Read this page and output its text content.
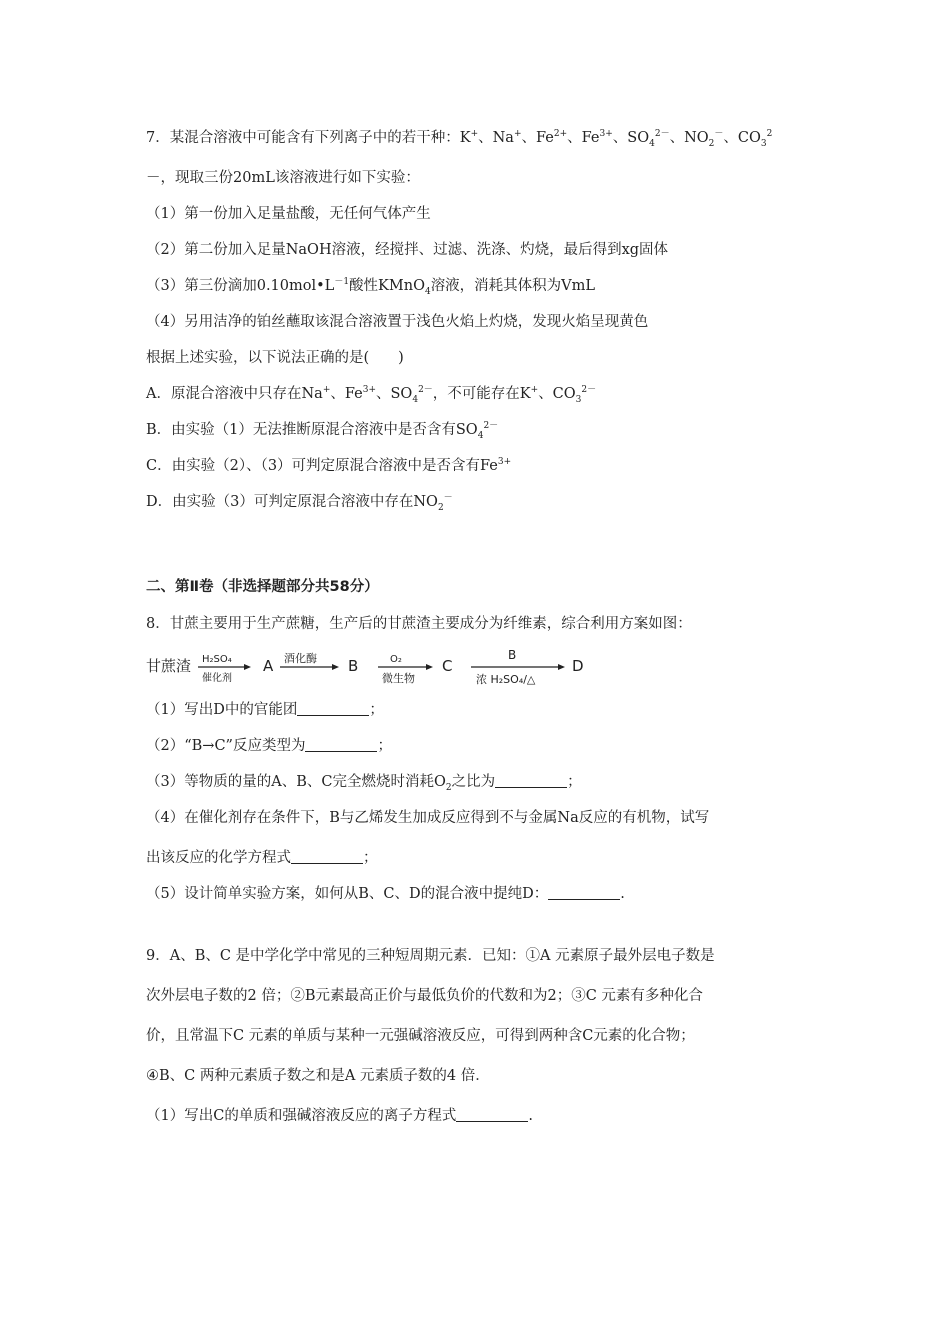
7．某混合溶液中可能含有下列离子中的若干种：K+、Na+、$Fe^{2+}$、$Fe^{3+}$、$SO_4^{2-}$、$NO_2^-$、$CO_3^2$
－，现取三份20mL该溶液进行如下实验：
（1）第一份加入足量盐酸，无任何气体产生
（2）第二份加入足量NaOH溶液，经搅拌、过滤、洗涤、灼烧，最后得到xg固体
（3）第三份滴加$0.10mol•L^{-1}$酸性KMnO$_4$溶液，消耗其体积为VmL
（4）另用洁净的铂丝蘸取该混合溶液置于浅色火焰上灼烧，发现火焰呈现黄色
根据上述实验，以下说法正确的是(　　)
A．原混合溶液中只存在Na+、$Fe^{3+}$、$SO_4^{2-}$，不可能存在K+、$CO_3^{2-}$
B．由实验（1）无法推断原混合溶液中是否含有$SO_4^{2-}$
C．由实验（2）、（3）可判定原混合溶液中是否含有$Fe^{3+}$
D．由实验（3）可判定原混合溶液中存在$NO_2^-$
二、第Ⅱ卷（非选择题部分共58分）
8．甘蔗主要用于生产蔗糖，生产后的甘蔗渣主要成分为纤维素，综合利用方案如图：
甘蔗渣 H₂SO₄
催化剂
A 酒化酶 B	O₂
微生物
C
B
浓 H₂SO₄/△
D
（1）写出D中的官能团	；
（2）“B→C”反应类型为	；
（3）等物质的量的A、B、C完全燃烧时消耗$O_2$之比为	；
（4）在催化剂存在条件下，B与乙烯发生加成反应得到不与金属Na反应的有机物，试写
出该反应的化学方程式	；
（5）设计简单实验方案，如何从B、C、D的混合液中提纯D：	.
9．A、B、C 是中学化学中常见的三种短周期元素．已知：①A 元素原子最外层电子数是
次外层电子数的2 倍；②B元素最高正价与最低负价的代数和为2；③C 元素有多种化合
价，且常温下C 元素的单质与某种一元强碱溶液反应，可得到两种含C元素的化合物；
④B、C 两种元素质子数之和是A 元素质子数的4 倍．
（1）写出C的单质和强碱溶液反应的离子方程式	.
